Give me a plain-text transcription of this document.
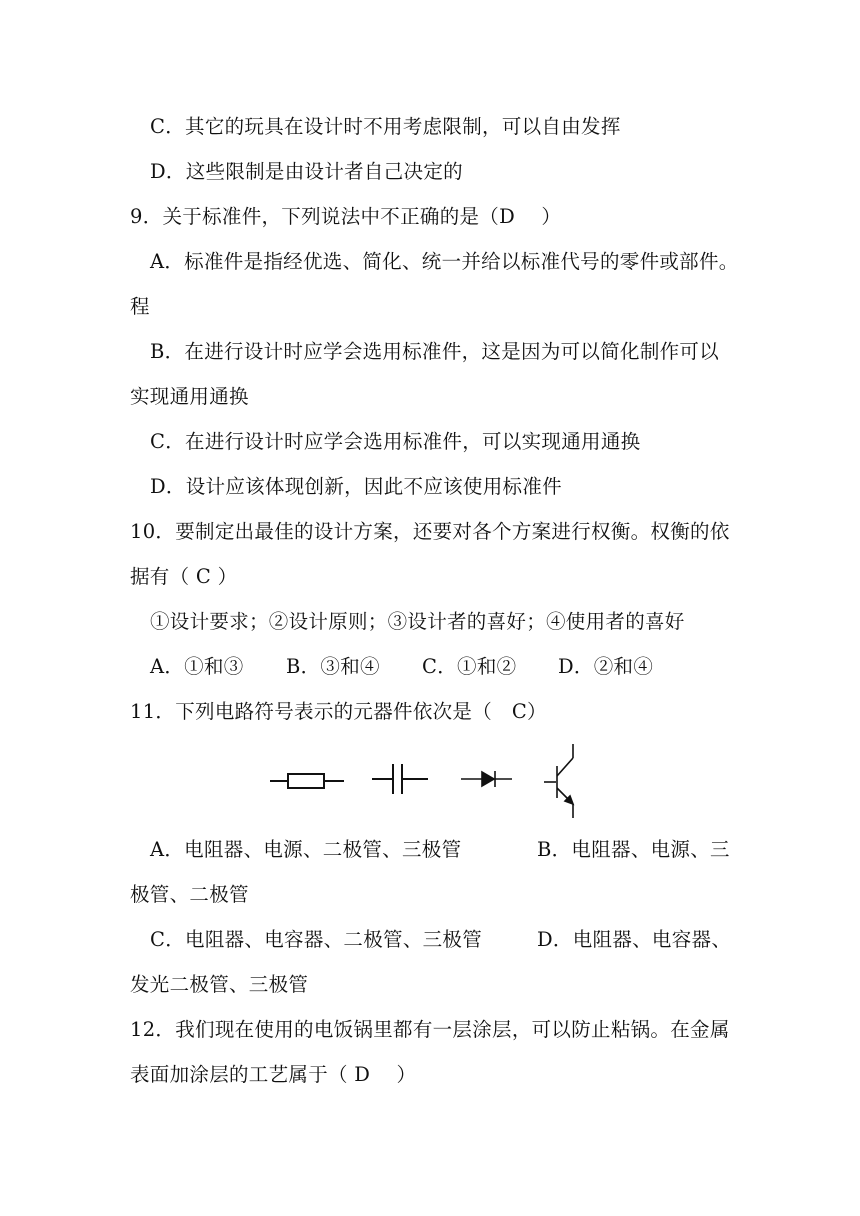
C．其它的玩具在设计时不用考虑限制，可以自由发挥
D．这些限制是由设计者自己决定的
9．关于标准件，下列说法中不正确的是（D　 ）
A．标准件是指经优选、简化、统一并给以标准代号的零件或部件。
程
B．在进行设计时应学会选用标准件，这是因为可以简化制作可以
实现通用通换
C．在进行设计时应学会选用标准件，可以实现通用通换
D．设计应该体现创新，因此不应该使用标准件
10．要制定出最佳的设计方案，还要对各个方案进行权衡。权衡的依
据有（ C ）
①设计要求；②设计原则；③设计者的喜好；④使用者的喜好
A．①和③ B．③和④ C．①和② D．②和④
11．下列电路符号表示的元器件依次是（　C）
A．电阻器、电源、二极管、三极管	B．电阻器、电源、三
极管、二极管
C．电阻器、电容器、二极管、三极管	D．电阻器、电容器、
发光二极管、三极管
12．我们现在使用的电饭锅里都有一层涂层，可以防止粘锅。在金属
表面加涂层的工艺属于（ D　 ）
